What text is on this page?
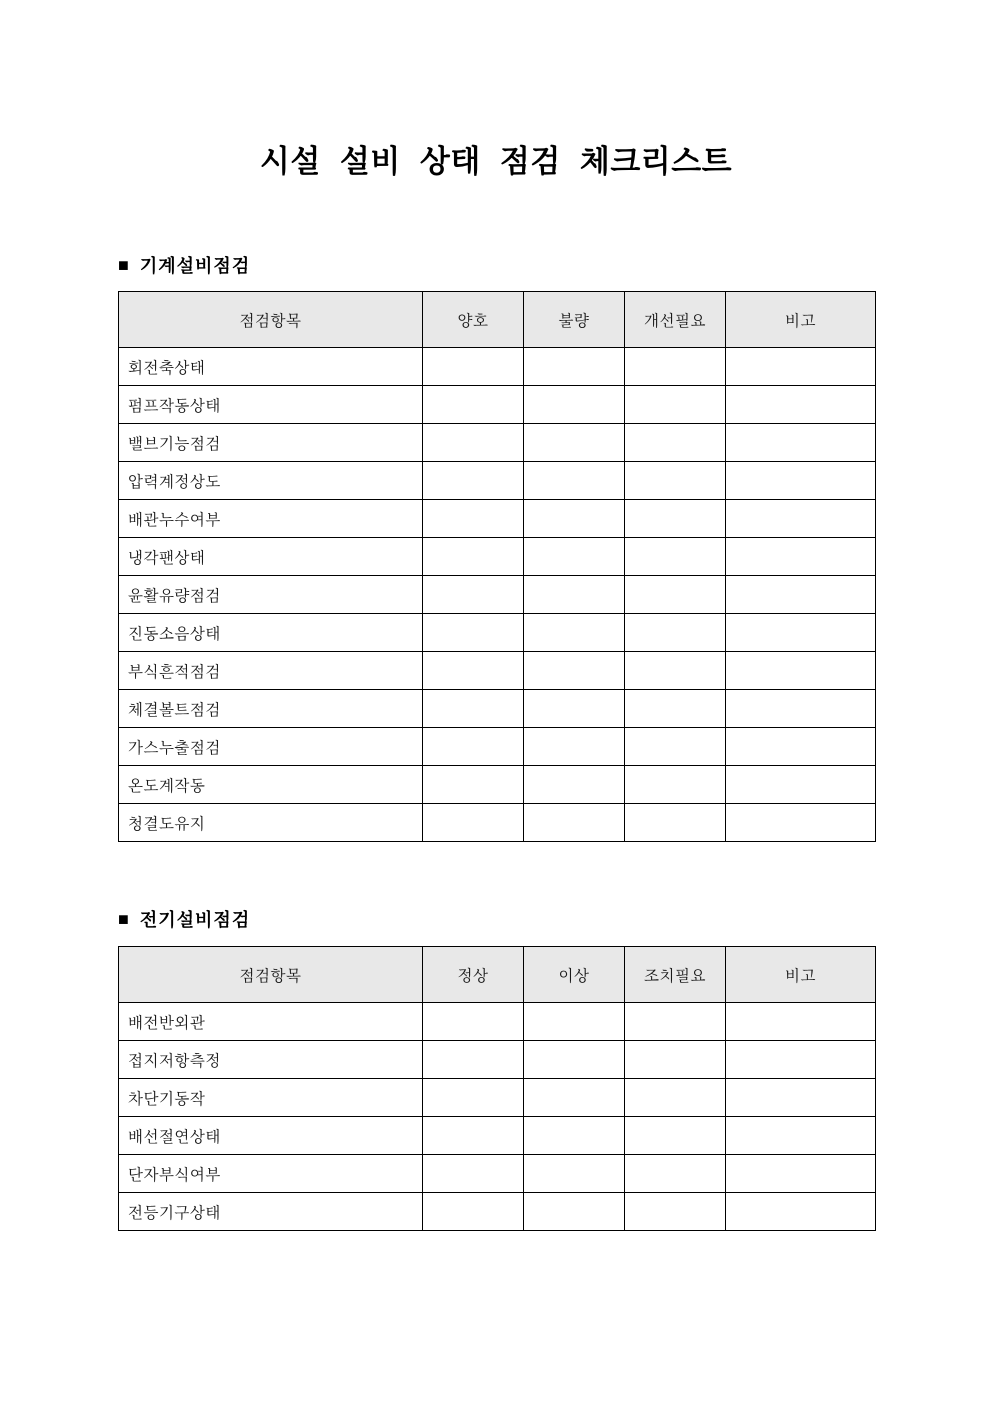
시설 설비 상태 점검 체크리스트
■ 기계설비점검
점검항목	양호	불량	개선필요	비고
회전축상태				
펌프작동상태				
밸브기능점검				
압력계정상도				
배관누수여부				
냉각팬상태				
윤활유량점검				
진동소음상태				
부식흔적점검				
체결볼트점검				
가스누출점검				
온도계작동				
청결도유지				
■ 전기설비점검
점검항목	정상	이상	조치필요	비고
배전반외관				
접지저항측정				
차단기동작				
배선절연상태				
단자부식여부				
전등기구상태				
